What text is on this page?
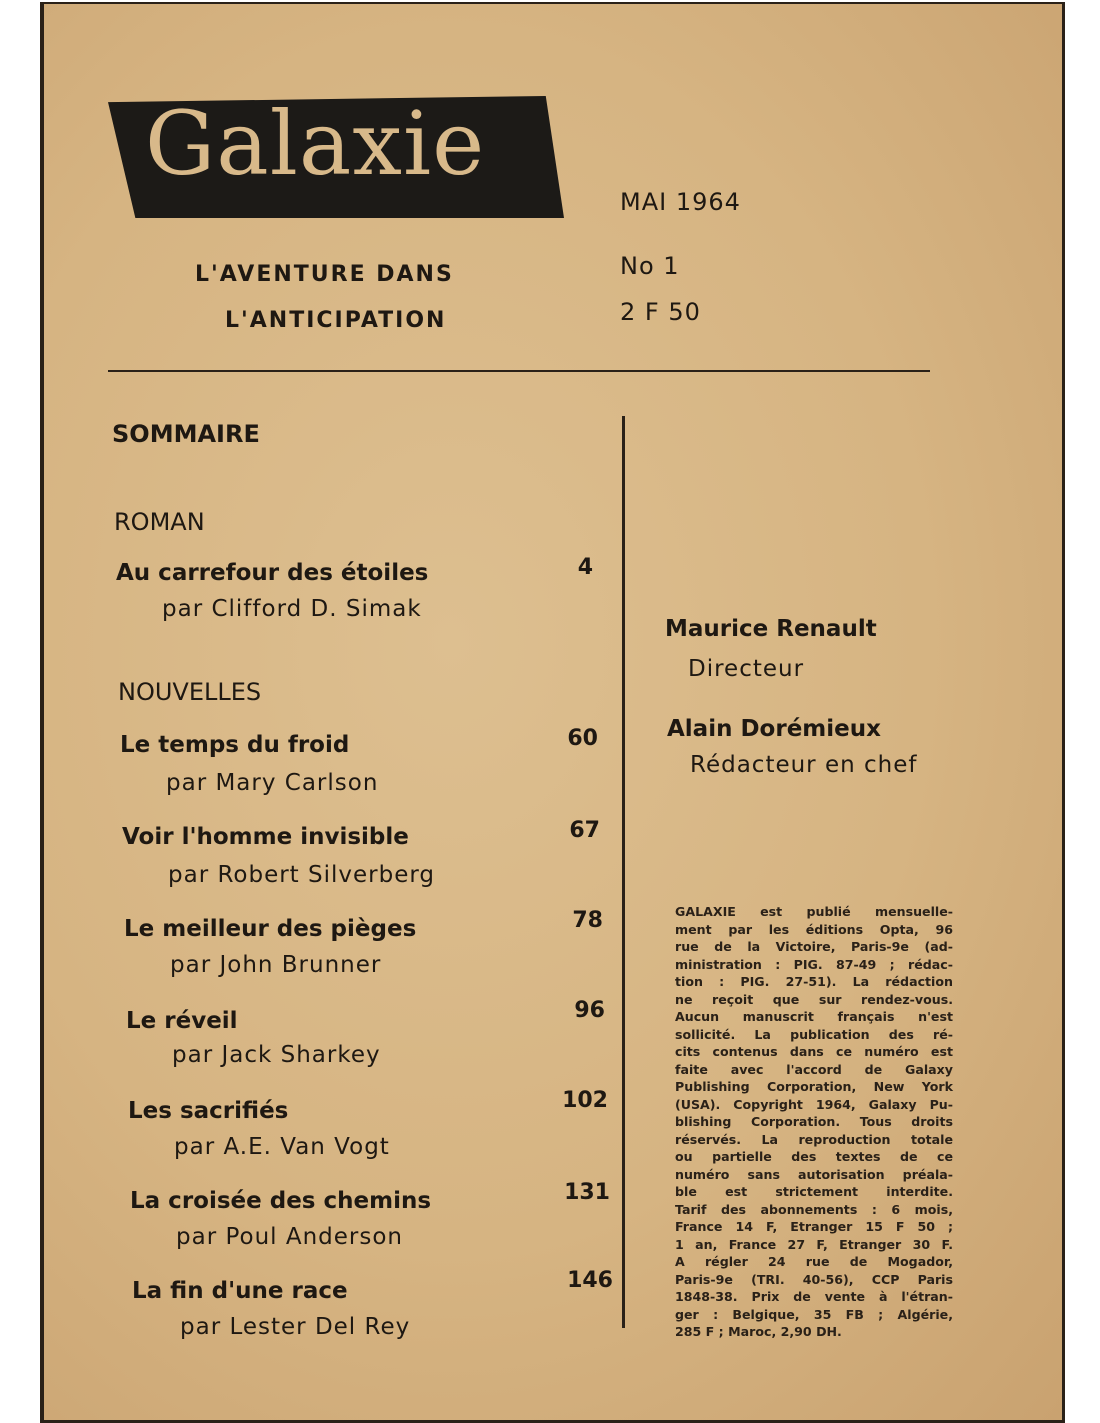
Galaxie
L'AVENTURE DANS
L'ANTICIPATION
MAI 1964
No 1
2 F 50
SOMMAIRE
ROMAN
Au carrefour des étoiles
par Clifford D. Simak
4
NOUVELLES
Le temps du froid
par Mary Carlson
60
Voir l'homme invisible
par Robert Silverberg
67
Le meilleur des pièges
par John Brunner
78
Le réveil
par Jack Sharkey
96
Les sacrifiés
par A.E. Van Vogt
102
La croisée des chemins
par Poul Anderson
131
La fin d'une race
par Lester Del Rey
146
Maurice Renault
Directeur
Alain Dorémieux
Rédacteur en chef
GALAXIE est publié mensuelle-
ment par les éditions Opta, 96
rue de la Victoire, Paris-9e (ad-
ministration : PIG. 87-49 ; rédac-
tion : PIG. 27-51). La rédaction
ne reçoit que sur rendez-vous.
Aucun manuscrit français n'est
sollicité. La publication des ré-
cits contenus dans ce numéro est
faite avec l'accord de Galaxy
Publishing Corporation, New York
(USA). Copyright 1964, Galaxy Pu-
blishing Corporation. Tous droits
réservés. La reproduction totale
ou partielle des textes de ce
numéro sans autorisation préala-
ble est strictement interdite.
Tarif des abonnements : 6 mois,
France 14 F, Etranger 15 F 50 ;
1 an, France 27 F, Etranger 30 F.
A régler 24 rue de Mogador,
Paris-9e (TRI. 40-56), CCP Paris
1848-38. Prix de vente à l'étran-
ger : Belgique, 35 FB ; Algérie,
285 F ; Maroc, 2,90 DH.
